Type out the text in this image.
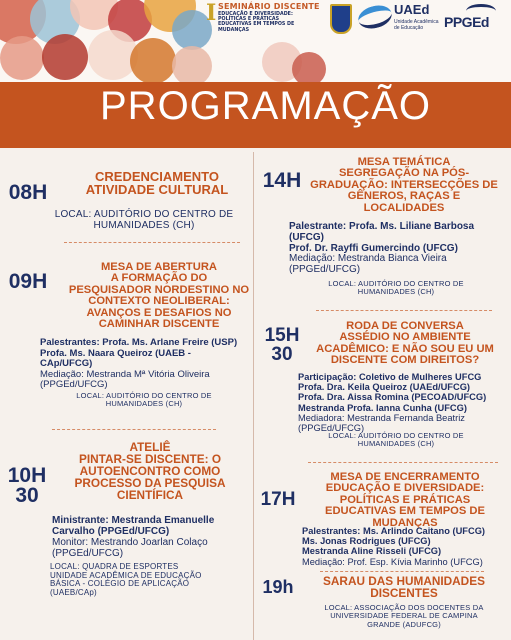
I SEMINÁRIO DISCENTE
EDUCAÇÃO E DIVERSIDADE:
POLÍTICAS E PRÁTICAS
EDUCATIVAS EM TEMPOS DE
MUDANÇAS
UAEd
Unidade Acadêmica
de Educação	PPGEd
PROGRAMAÇÃO
08H
CREDENCIAMENTO
ATIVIDADE CULTURAL
LOCAL: AUDITÓRIO DO CENTRO DE
HUMANIDADES (CH)
09H
MESA DE ABERTURA
A FORMAÇÃO DO
PESQUISADOR NORDESTINO NO
CONTEXTO NEOLIBERAL:
AVANÇOS E DESAFIOS NO
CAMINHAR DISCENTE
Palestrantes: Profa. Ms. Arlane Freire (USP)
Profa. Ms. Naara Queiroz (UAEB -
CAp/UFCG)
Mediação: Mestranda Mª Vitória Oliveira
(PPGEd/UFCG)
LOCAL: AUDITÓRIO DO CENTRO DE
HUMANIDADES (CH)
10H
30
ATELIÊ
PINTAR-SE DISCENTE: O
AUTOENCONTRO COMO
PROCESSO DA PESQUISA
CIENTÍFICA
Ministrante: Mestranda Emanuelle
Carvalho (PPGEd/UFCG)
Monitor: Mestrando Joarlan Colaço
(PPGEd/UFCG)
LOCAL: QUADRA DE ESPORTES
UNIDADE ACADÊMICA DE EDUCAÇÃO
BÁSICA - COLÉGIO DE APLICAÇÃO
(UAEB/CAp)
14H
MESA TEMÁTICA
SEGREGAÇÃO NA PÓS-
GRADUAÇÃO: INTERSECÇÕES DE
GÊNEROS, RAÇAS E
LOCALIDADES
Palestrante: Profa. Ms. Liliane Barbosa
(UFCG)
Prof. Dr. Rayffi Gumercindo (UFCG)
Mediação: Mestranda Bianca Vieira
(PPGEd/UFCG)
LOCAL: AUDITÓRIO DO CENTRO DE
HUMANIDADES (CH)
15H
30
RODA DE CONVERSA
ASSÉDIO NO AMBIENTE
ACADÊMICO: E NÃO SOU EU UM
DISCENTE COM DIREITOS?
Participação: Coletivo de Mulheres UFCG
Profa. Dra. Keila Queiroz (UAEd/UFCG)
Profa. Dra. Aissa Romina (PECOAD/UFCG)
Mestranda Profa. Ianna Cunha (UFCG)
Mediadora: Mestranda Fernanda Beatriz
(PPGEd/UFCG)
LOCAL: AUDITÓRIO DO CENTRO DE
HUMANIDADES (CH)
17H
MESA DE ENCERRAMENTO
EDUCAÇÃO E DIVERSIDADE:
POLÍTICAS E PRÁTICAS
EDUCATIVAS EM TEMPOS DE
MUDANÇAS
Palestrantes: Ms. Arlindo Caitano (UFCG)
Ms. Jonas Rodrigues (UFCG)
Mestranda Aline Risseli (UFCG)
Mediação: Prof. Esp. Kívia Marinho (UFCG)
19h	SARAU DAS HUMANIDADES
DISCENTES
LOCAL: ASSOCIAÇÃO DOS DOCENTES DA
UNIVERSIDADE FEDERAL DE CAMPINA
GRANDE (ADUFCG)
